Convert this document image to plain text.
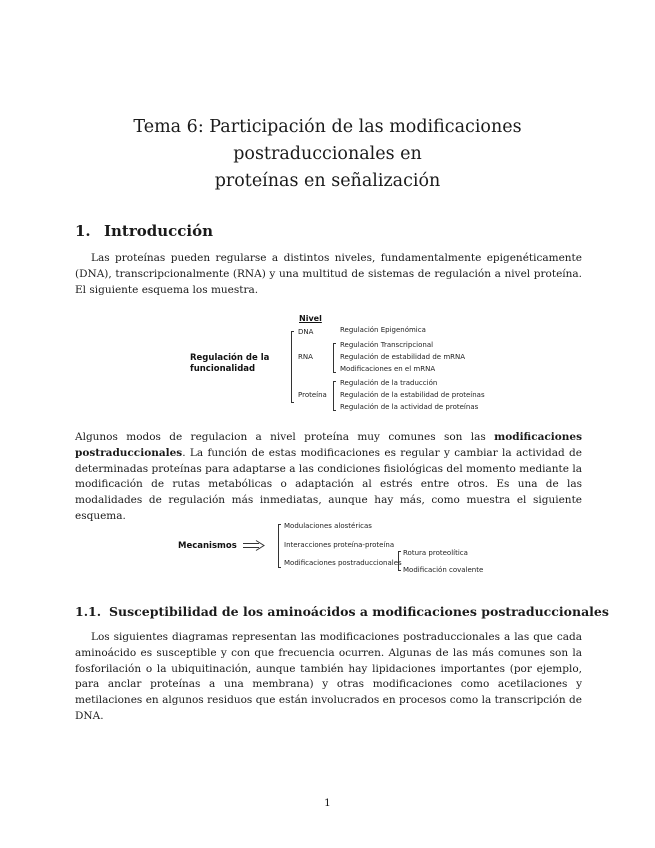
Tema 6: Participación de las modificaciones postraduccionales en
proteínas en señalización
1. Introducción
Las proteínas pueden regularse a distintos niveles, fundamentalmente epigenéticamente (DNA), transcripcionalmente (RNA) y una multitud de sistemas de regulación a nivel proteína. El siguiente esquema los muestra.
Nivel
Regulación de la
funcionalidad
DNA	Regulación Epigenómica
RNA
Regulación Transcripcional
Regulación de estabilidad de mRNA
Modificaciones en el mRNA
Proteína
Regulación de la traducción
Regulación de la estabilidad de proteínas
Regulación de la actividad de proteínas
Algunos modos de regulacion a nivel proteína muy comunes son las modificaciones postraduccionales. La función de estas modificaciones es regular y cambiar la actividad de determinadas proteínas para adaptarse a las condiciones fisiológicas del momento mediante la modificación de rutas metabólicas o adaptación al estrés entre otros. Es una de las modalidades de regulación más inmediatas, aunque hay más, como muestra el siguiente esquema.
Mecanismos
Modulaciones alostéricas
Interacciones proteína-proteína
Modificaciones postraduccionales
Rotura proteolítica
Modificación covalente
1.1. Susceptibilidad de los aminoácidos a modificaciones postraduccionales
Los siguientes diagramas representan las modificaciones postraduccionales a las que cada aminoácido es susceptible y con que frecuencia ocurren. Algunas de las más comunes son la fosforilación o la ubiquitinación, aunque también hay lipidaciones importantes (por ejemplo, para anclar proteínas a una membrana) y otras modificaciones como acetilaciones y metilaciones en algunos residuos que están involucrados en procesos como la transcripción de DNA.
1
